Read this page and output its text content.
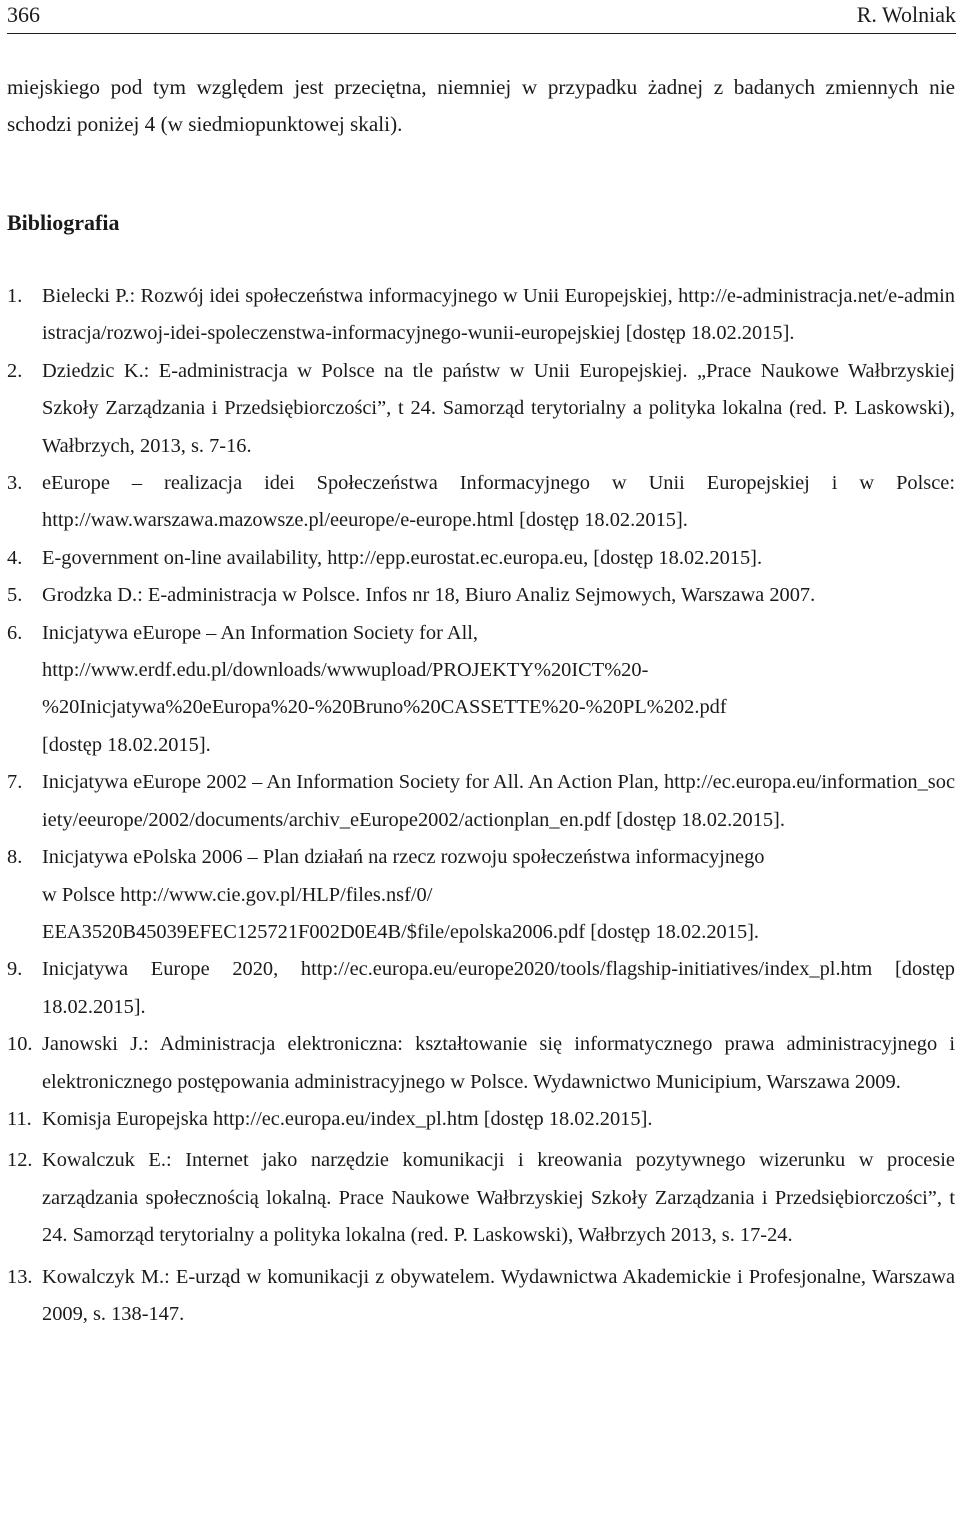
366	R. Wolniak

miejskiego pod tym względem jest przeciętna, niemniej w przypadku żadnej z badanych zmiennych nie schodzi poniżej 4 (w siedmiopunktowej skali).

Bibliografia
1. Bielecki P.: Rozwój idei społeczeństwa informacyjnego w Unii Europejskiej, http://e-administracja.net/e-administracja/rozwoj-idei-spoleczenstwa-informacyjnego-wunii-europejskiej [dostęp 18.02.2015].
2. Dziedzic K.: E-administracja w Polsce na tle państw w Unii Europejskiej. „Prace Naukowe Wałbrzyskiej Szkoły Zarządzania i Przedsiębiorczości”, t 24. Samorząd terytorialny a polityka lokalna (red. P. Laskowski), Wałbrzych, 2013, s. 7-16.
3. eEurope – realizacja idei Społeczeństwa Informacyjnego w Unii Europejskiej i w Polsce: http://waw.warszawa.mazowsze.pl/eeurope/e-europe.html [dostęp 18.02.2015].
4. E-government on-line availability, http://epp.eurostat.ec.europa.eu, [dostęp 18.02.2015].
5. Grodzka D.: E-administracja w Polsce. Infos nr 18, Biuro Analiz Sejmowych, Warszawa 2007.
6. Inicjatywa eEurope – An Information Society for All,
http://www.erdf.edu.pl/downloads/wwwupload/PROJEKTY%20ICT%20-
%20Inicjatywa%20eEuropa%20-%20Bruno%20CASSETTE%20-%20PL%202.pdf
[dostęp 18.02.2015].
7. Inicjatywa eEurope 2002 – An Information Society for All. An Action Plan, http://ec.europa.eu/information_society/eeurope/2002/documents/archiv_eEurope2002/actionplan_en.pdf [dostęp 18.02.2015].
8. Inicjatywa ePolska 2006 – Plan działań na rzecz rozwoju społeczeństwa informacyjnego
w Polsce http://www.cie.gov.pl/HLP/files.nsf/0/
EEA3520B45039EFEC125721F002D0E4B/$file/epolska2006.pdf [dostęp 18.02.2015].
9. Inicjatywa Europe 2020, http://ec.europa.eu/europe2020/tools/flagship-initiatives/index_pl.htm [dostęp 18.02.2015].
10. Janowski J.: Administracja elektroniczna: kształtowanie się informatycznego prawa administracyjnego i elektronicznego postępowania administracyjnego w Polsce. Wydawnictwo Municipium, Warszawa 2009.
11. Komisja Europejska http://ec.europa.eu/index_pl.htm [dostęp 18.02.2015].
12. Kowalczuk E.: Internet jako narzędzie komunikacji i kreowania pozytywnego wizerunku w procesie zarządzania społecznością lokalną. Prace Naukowe Wałbrzyskiej Szkoły Zarządzania i Przedsiębiorczości”, t 24. Samorząd terytorialny a polityka lokalna (red. P. Laskowski), Wałbrzych 2013, s. 17-24.
13. Kowalczyk M.: E-urząd w komunikacji z obywatelem. Wydawnictwa Akademickie i Profesjonalne, Warszawa 2009, s. 138-147.
